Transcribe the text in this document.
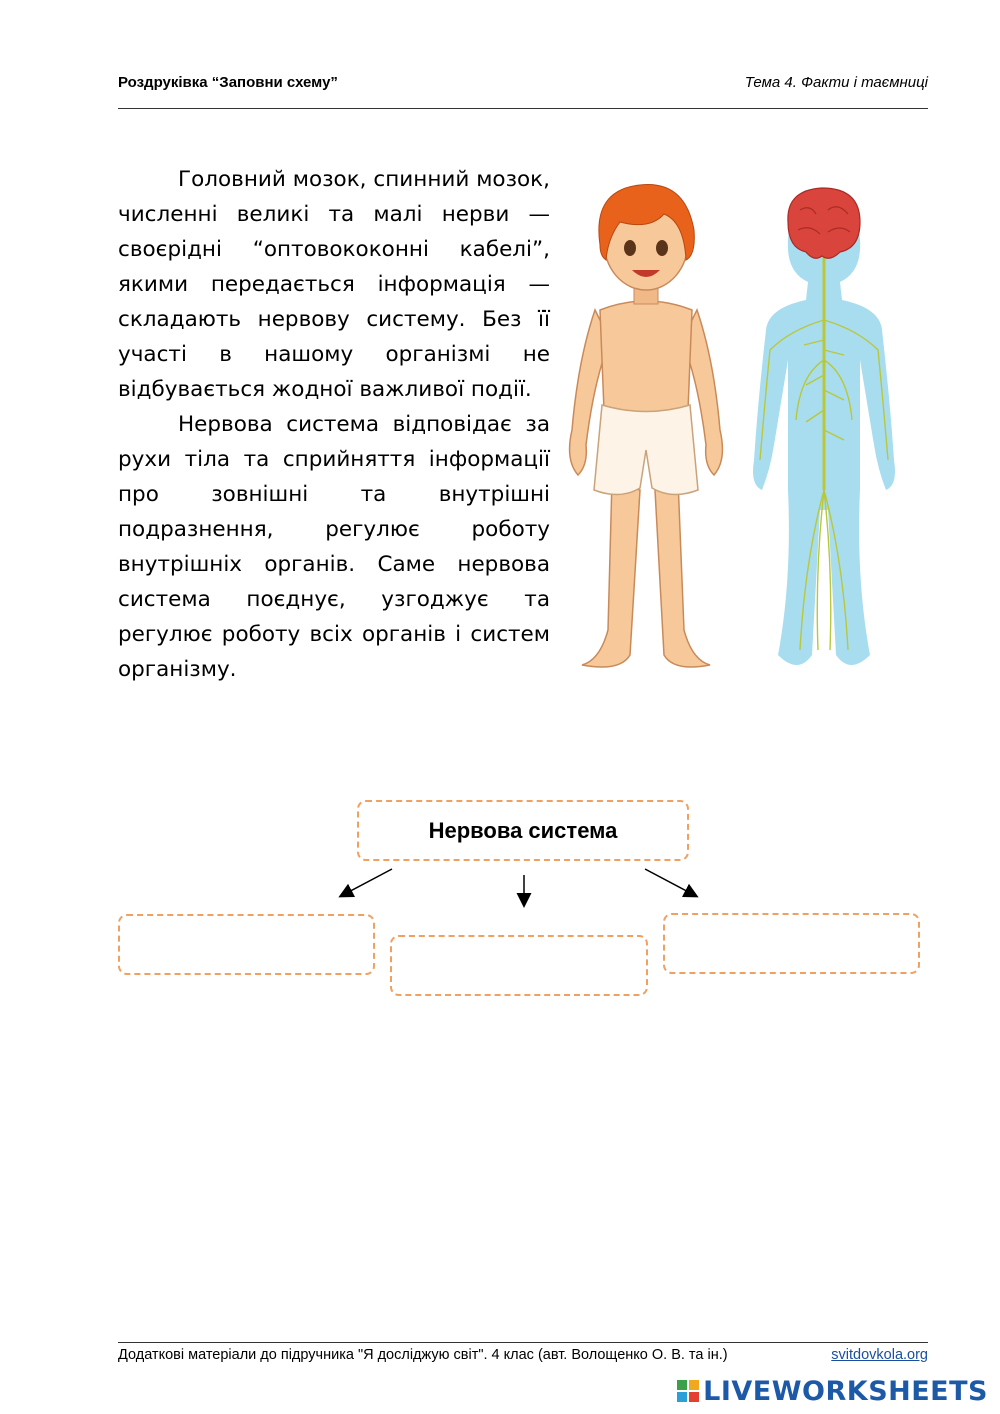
Роздруківка “Заповни схему”	Тема 4. Факти і таємниці

Головний мозок, спинний мозок, численні великі та малі нерви — своєрідні “оптовококонні кабелі”, якими передається інформація — складають нервову систему. Без її участі в нашому організмі не відбувається жодної важливої події.

Нервова система відповідає за рухи тіла та сприйняття інформації про зовнішні та внутрішні подразнення, регулює роботу внутрішніх органів. Саме нервова система поєднує, узгоджує та регулює роботу всіх органів і систем організму.

Нервова система
Додаткові матеріали до підручника "Я досліджую світ". 4 клас (авт. Волощенко О. В. та ін.)	svitdovkola.org
LIVEWORKSHEETS
